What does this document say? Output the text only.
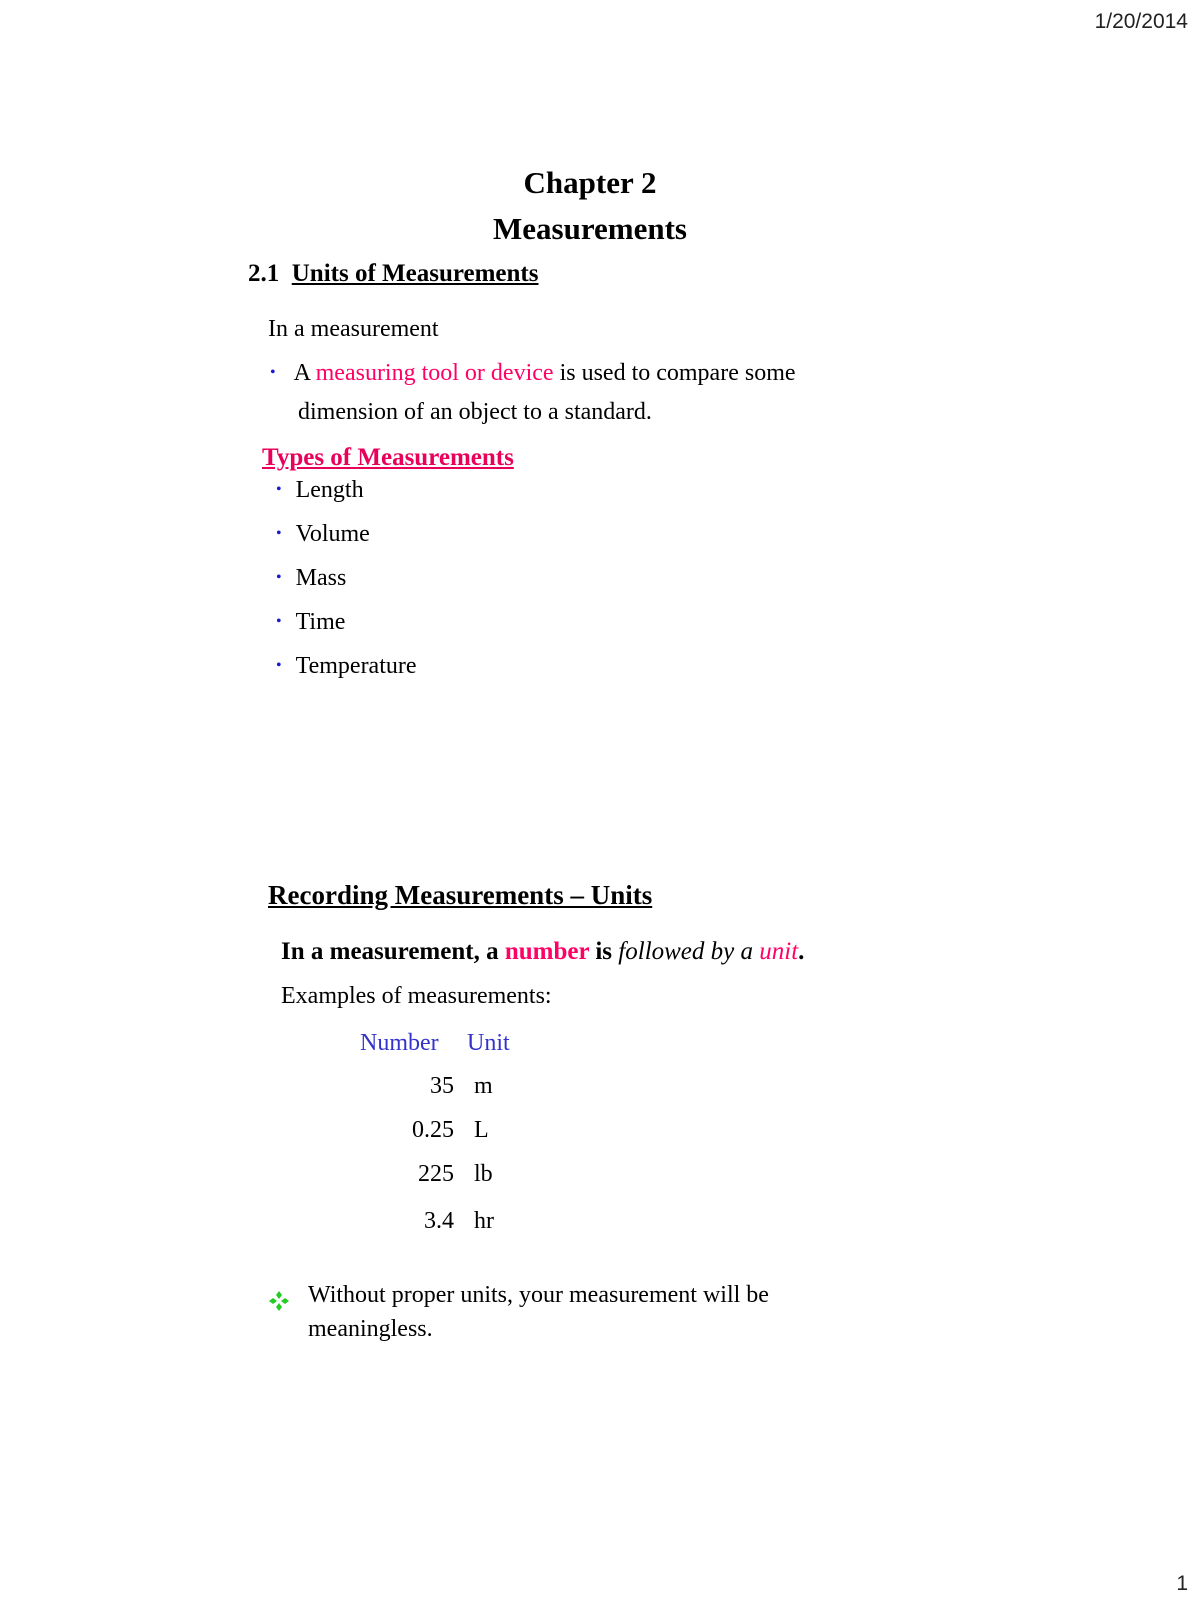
1/20/2014
Chapter 2
Measurements
2.1 Units of Measurements
In a measurement
• A measuring tool or device is used to compare some
dimension of an object to a standard.
Types of Measurements
• Length
• Volume
• Mass
• Time
• Temperature
Recording Measurements – Units
In a measurement, a number is followed by a unit.
Examples of measurements:
Number Unit
35 m
0.25 L
225 lb
3.4 hr
Without proper units, your measurement will be
meaningless.
1
